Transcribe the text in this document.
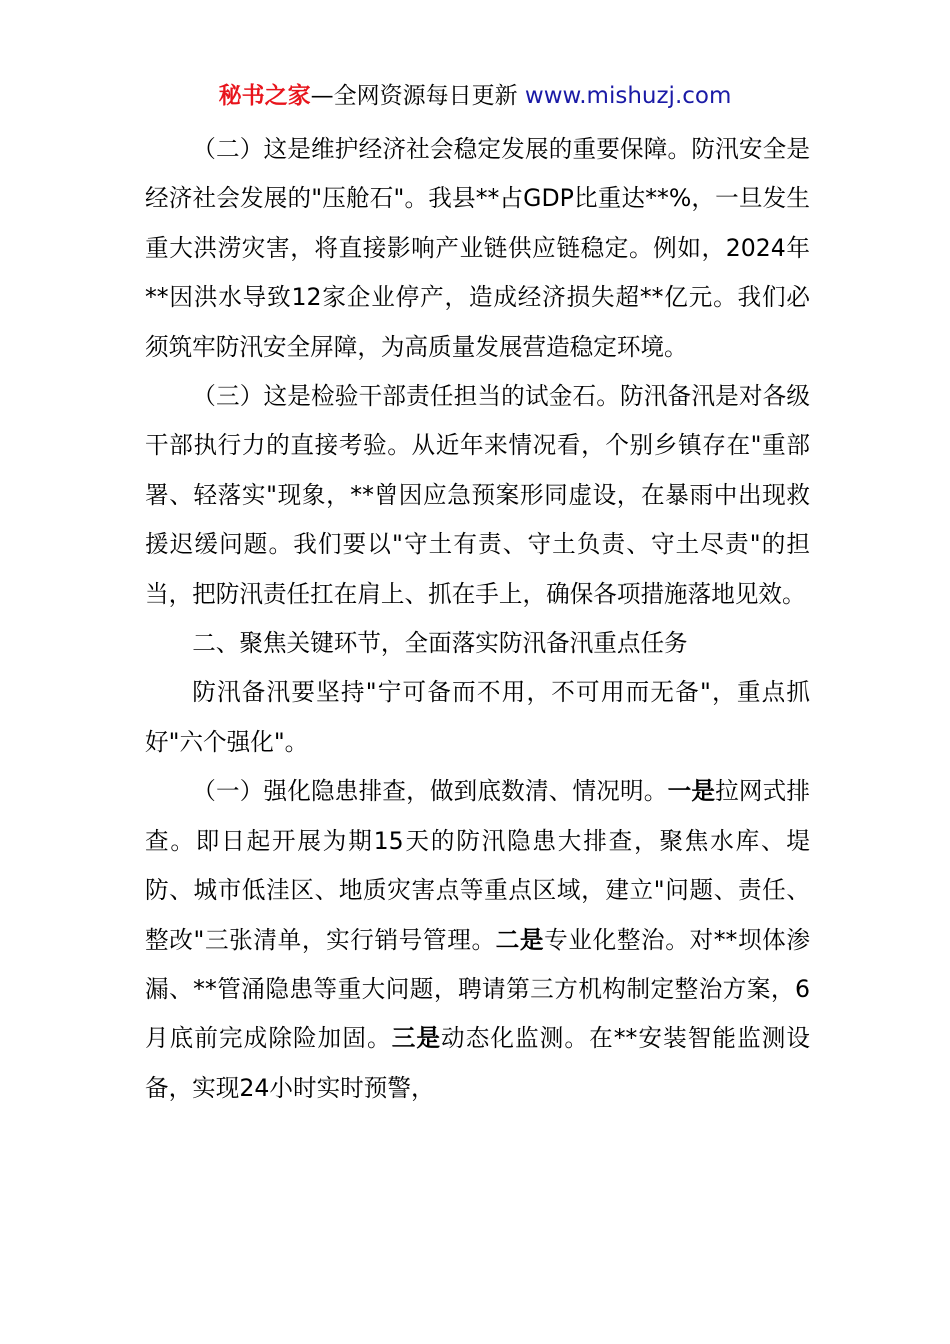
秘书之家—全网资源每日更新 www.mishuzj.com

（二）这是维护经济社会稳定发展的重要保障。防汛安全是经济社会发展的"压舱石"。我县**占GDP比重达**%，一旦发生重大洪涝灾害，将直接影响产业链供应链稳定。例如，2024年**因洪水导致12家企业停产，造成经济损失超**亿元。我们必须筑牢防汛安全屏障，为高质量发展营造稳定环境。

（三）这是检验干部责任担当的试金石。防汛备汛是对各级干部执行力的直接考验。从近年来情况看，个别乡镇存在"重部署、轻落实"现象，**曾因应急预案形同虚设，在暴雨中出现救援迟缓问题。我们要以"守土有责、守土负责、守土尽责"的担当，把防汛责任扛在肩上、抓在手上，确保各项措施落地见效。

二、聚焦关键环节，全面落实防汛备汛重点任务

防汛备汛要坚持"宁可备而不用，不可用而无备"，重点抓好"六个强化"。

（一）强化隐患排查，做到底数清、情况明。一是拉网式排查。即日起开展为期15天的防汛隐患大排查，聚焦水库、堤防、城市低洼区、地质灾害点等重点区域，建立"问题、责任、整改"三张清单，实行销号管理。二是专业化整治。对**坝体渗漏、**管涌隐患等重大问题，聘请第三方机构制定整治方案，6月底前完成除险加固。三是动态化监测。在**安装智能监测设备，实现24小时实时预警，
